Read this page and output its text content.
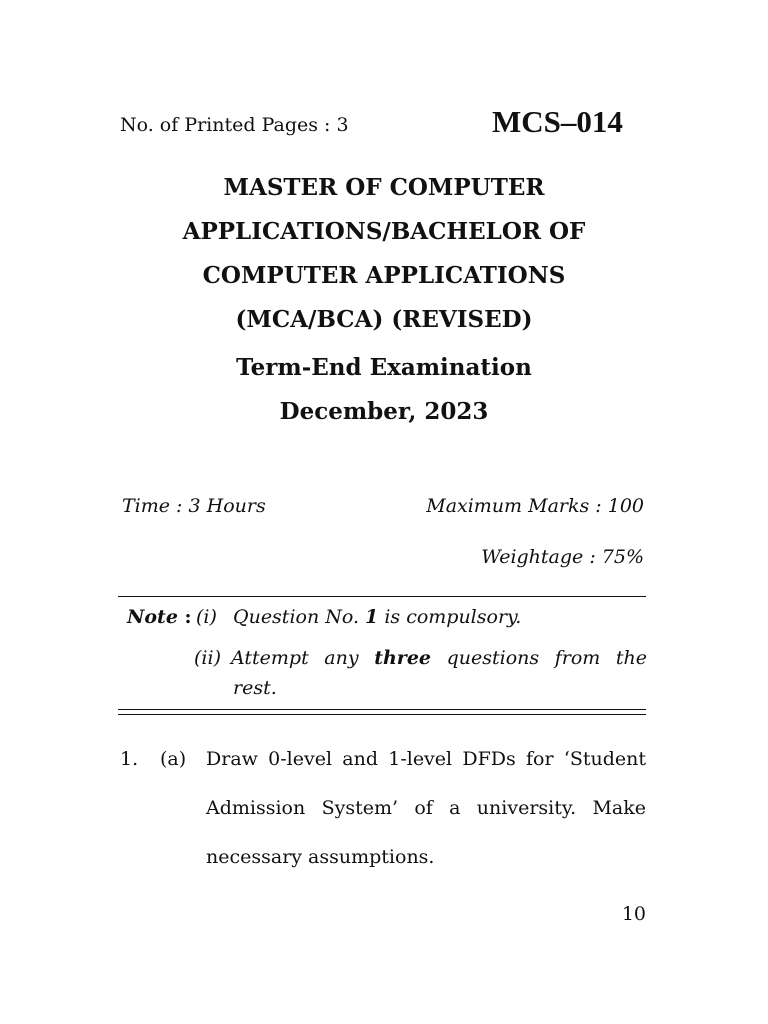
No. of Printed Pages : 3	MCS–014
MASTER OF COMPUTER
APPLICATIONS/BACHELOR OF
COMPUTER APPLICATIONS
(MCA/BCA) (REVISED)
Term-End Examination
December, 2023
Time : 3 Hours	Maximum Marks : 100
Weightage : 75%
Note : (i) Question No. 1 is compulsory.
(ii) Attempt any three questions from the
rest.
1. (a) Draw 0-level and 1-level DFDs for ‘Student
Admission System’ of a university. Make
necessary assumptions.
10
